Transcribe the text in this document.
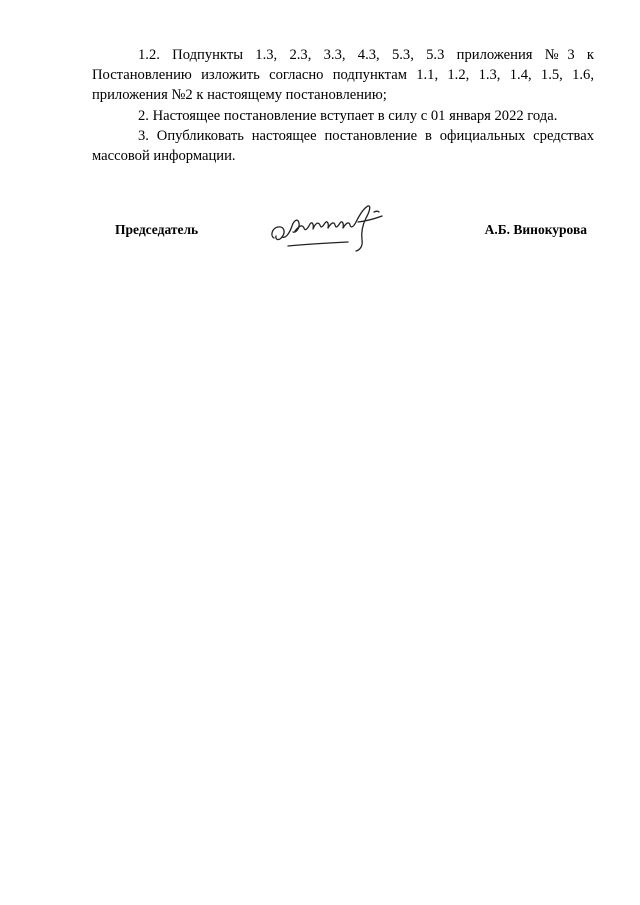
1.2. Подпункты 1.3, 2.3, 3.3, 4.3, 5.3, 5.3 приложения №3 к Постановлению изложить согласно подпунктам 1.1, 1.2, 1.3, 1.4, 1.5, 1.6, приложения №2 к настоящему постановлению;

2. Настоящее постановление вступает в силу с 01 января 2022 года.

3. Опубликовать настоящее постановление в официальных средствах массовой информации.

Председатель	А.Б. Винокурова
